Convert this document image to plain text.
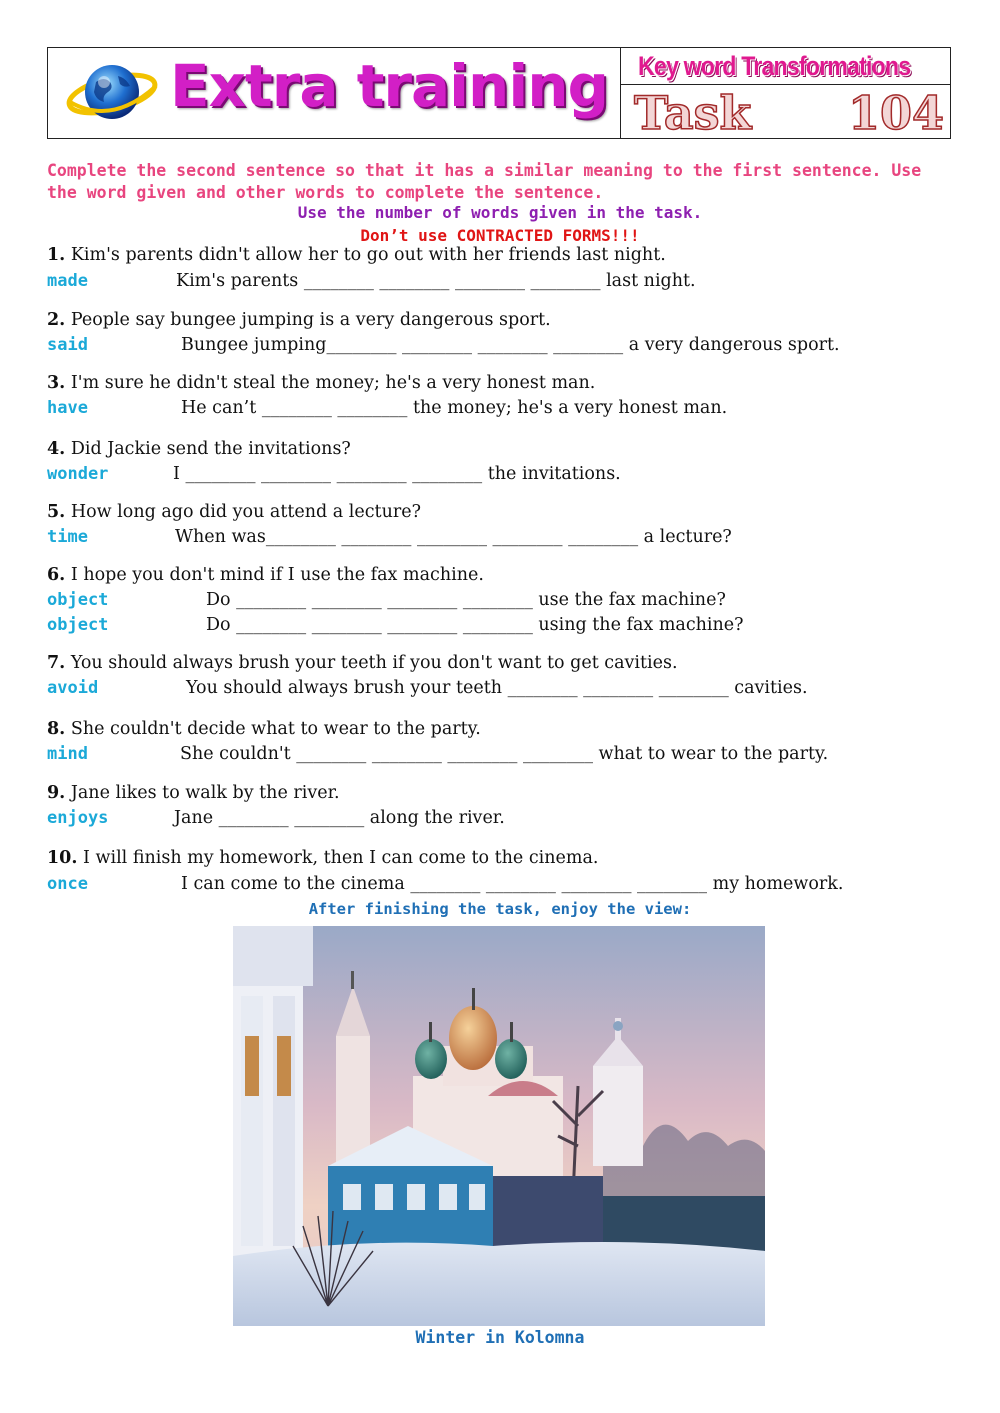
Extra training Key word Transformations
Task 104
Complete the second sentence so that it has a similar meaning to the first sentence. Use the word given and other words to complete the sentence.
Use the number of words given in the task.
Don’t use CONTRACTED FORMS!!!
1. Kim's parents didn't allow her to go out with her friends last night.
made	Kim's parents ________ ________ ________ ________ last night.
2. People say bungee jumping is a very dangerous sport.
said	Bungee jumping________ ________ ________ ________ a very dangerous sport.
3. I'm sure he didn't steal the money; he's a very honest man.
have	He can’t ________ ________ the money; he's a very honest man.
4. Did Jackie send the invitations?
wonder	I ________ ________ ________ ________ the invitations.
5. How long ago did you attend a lecture?
time	When was________ ________ ________ ________ ________ a lecture?
6. I hope you don't mind if I use the fax machine.
object	Do ________ ________ ________ ________ use the fax machine?
object	Do ________ ________ ________ ________ using the fax machine?
7. You should always brush your teeth if you don't want to get cavities.
avoid	You should always brush your teeth ________ ________ ________ cavities.
8. She couldn't decide what to wear to the party.
mind	She couldn't ________ ________ ________ ________ what to wear to the party.
9. Jane likes to walk by the river.
enjoys	Jane ________ ________ along the river.
10. I will finish my homework, then I can come to the cinema.
once	I can come to the cinema ________ ________ ________ ________ my homework.
After finishing the task, enjoy the view:
Winter in Kolomna
